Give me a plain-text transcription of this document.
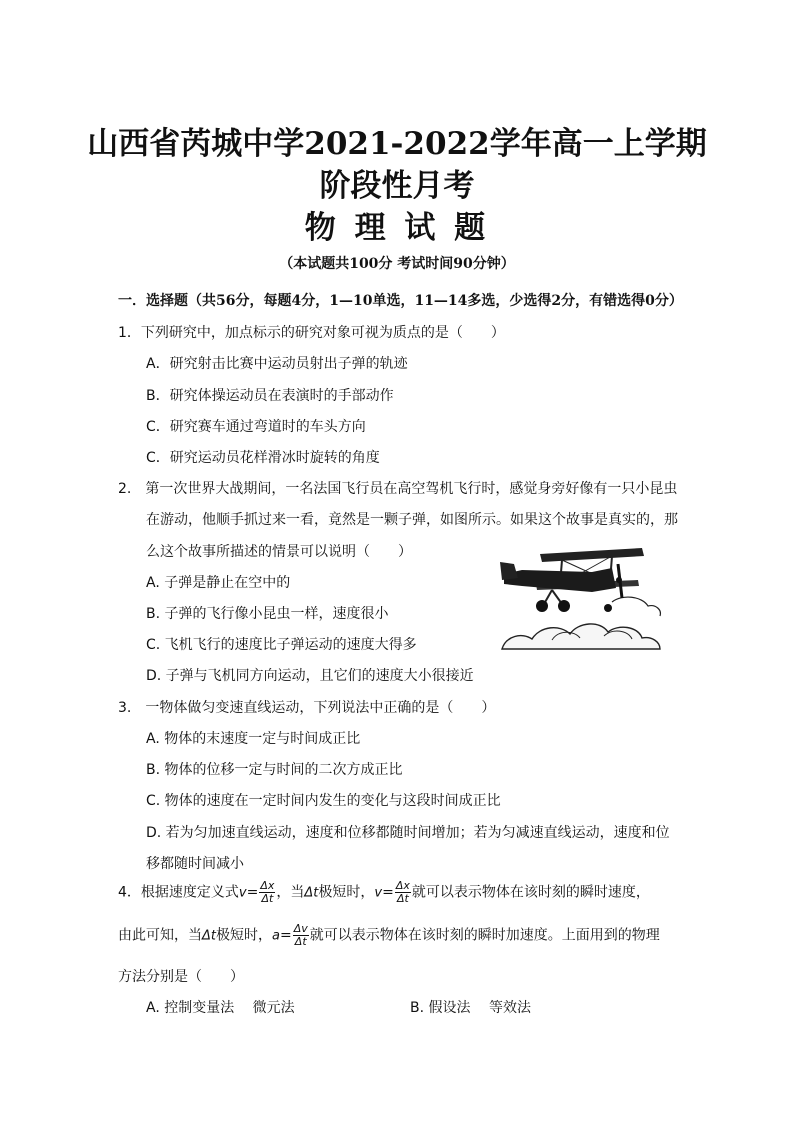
山西省芮城中学2021-2022学年高一上学期
阶段性月考
物 理 试 题
（本试题共100分 考试时间90分钟）
一．选择题（共56分，每题4分，1—10单选，11—14多选，少选得2分，有错选得0分）
1．下列研究中，加点标示的研究对象可视为质点的是（　　）
A．研究射击比赛中运动员射出子弹的轨迹
B．研究体操运动员在表演时的手部动作
C．研究赛车通过弯道时的车头方向
C．研究运动员花样滑冰时旋转的角度
2.　第一次世界大战期间，一名法国飞行员在高空驾机飞行时，感觉身旁好像有一只小昆虫
在游动，他顺手抓过来一看，竟然是一颗子弹，如图所示。如果这个故事是真实的，那
么这个故事所描述的情景可以说明（　　）
A. 子弹是静止在空中的
B. 子弹的飞行像小昆虫一样，速度很小
C. 飞机飞行的速度比子弹运动的速度大得多
D. 子弹与飞机同方向运动，且它们的速度大小很接近
3.　一物体做匀变速直线运动，下列说法中正确的是（　　）
A. 物体的末速度一定与时间成正比
B. 物体的位移一定与时间的二次方成正比
C. 物体的速度在一定时间内发生的变化与这段时间成正比
D. 若为匀加速直线运动，速度和位移都随时间增加；若为匀减速直线运动，速度和位
移都随时间减小
4．根据速度定义式$v= \frac{\Delta x}{\Delta t}$ ，当Δt极短时，$v= \frac{\Delta x}{\Delta t}$ 就可以表示物体在该时刻的瞬时速度，
由此可知，当Δt极短时，$a= \frac{\Delta v}{\Delta t}$ 就可以表示物体在该时刻的瞬时加速度。上面用到的物理
方法分别是（　　）
A. 控制变量法　 微元法	B. 假设法　 等效法
